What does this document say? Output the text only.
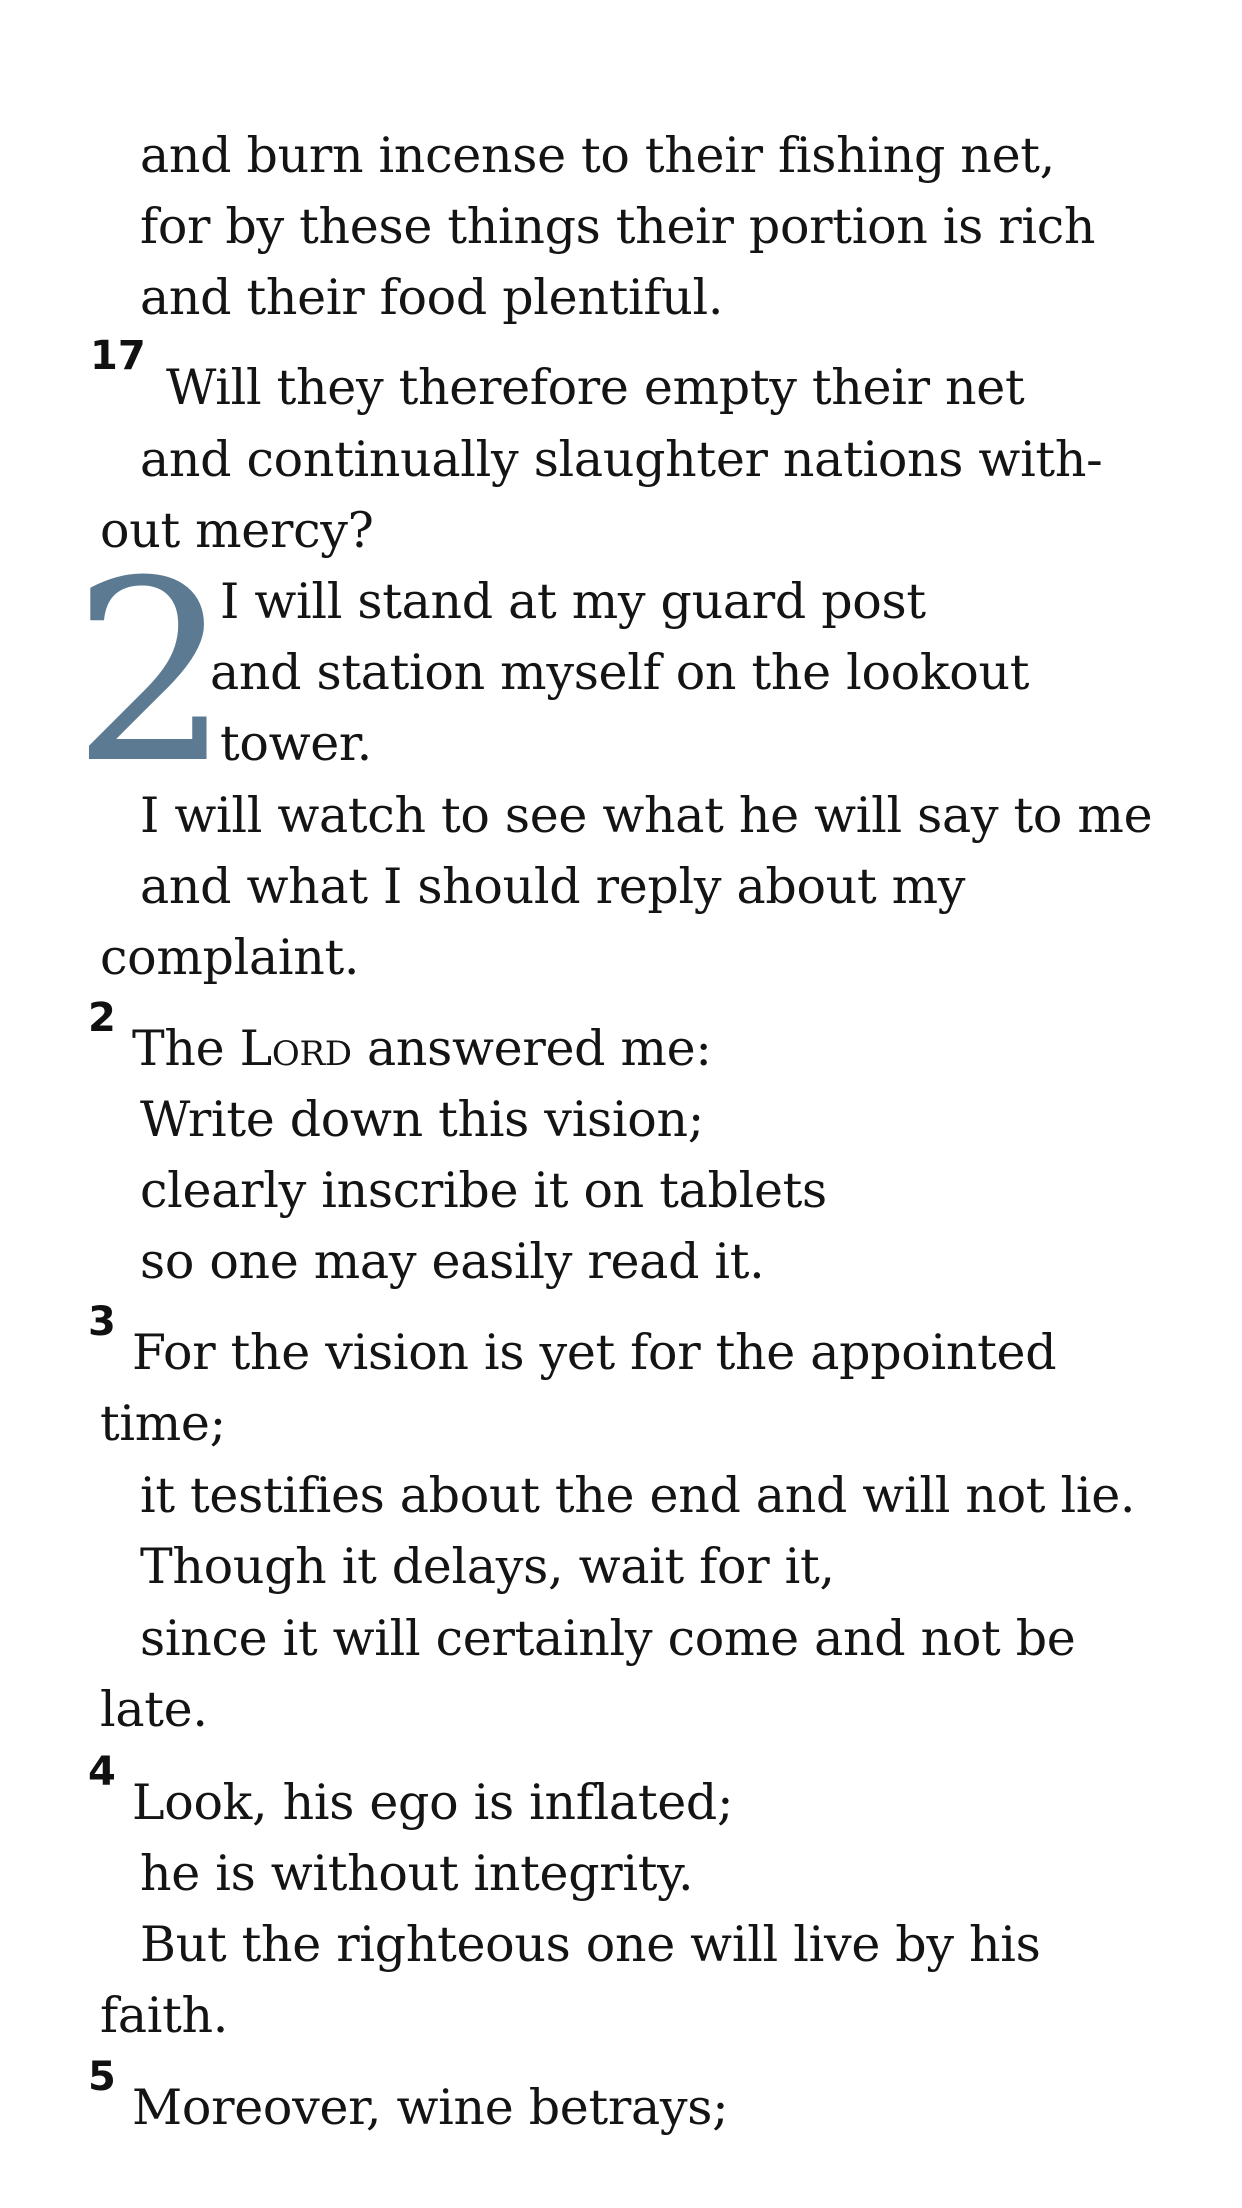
and burn incense to their fishing net,
for by these things their portion is rich
and their food plentiful.
17
Will they therefore empty their net
and continually slaughter nations with-
out mercy?
2
I will stand at my guard post
and station myself on the lookout
tower.
I will watch to see what he will say to me
and what I should reply about my
complaint.
2
The Lord answered me:
Write down this vision;
clearly inscribe it on tablets
so one may easily read it.
3
For the vision is yet for the appointed
time;
it testifies about the end and will not lie.
Though it delays, wait for it,
since it will certainly come and not be
late.
4
Look, his ego is inflated;
he is without integrity.
But the righteous one will live by his
faith.
5
Moreover, wine betrays;
